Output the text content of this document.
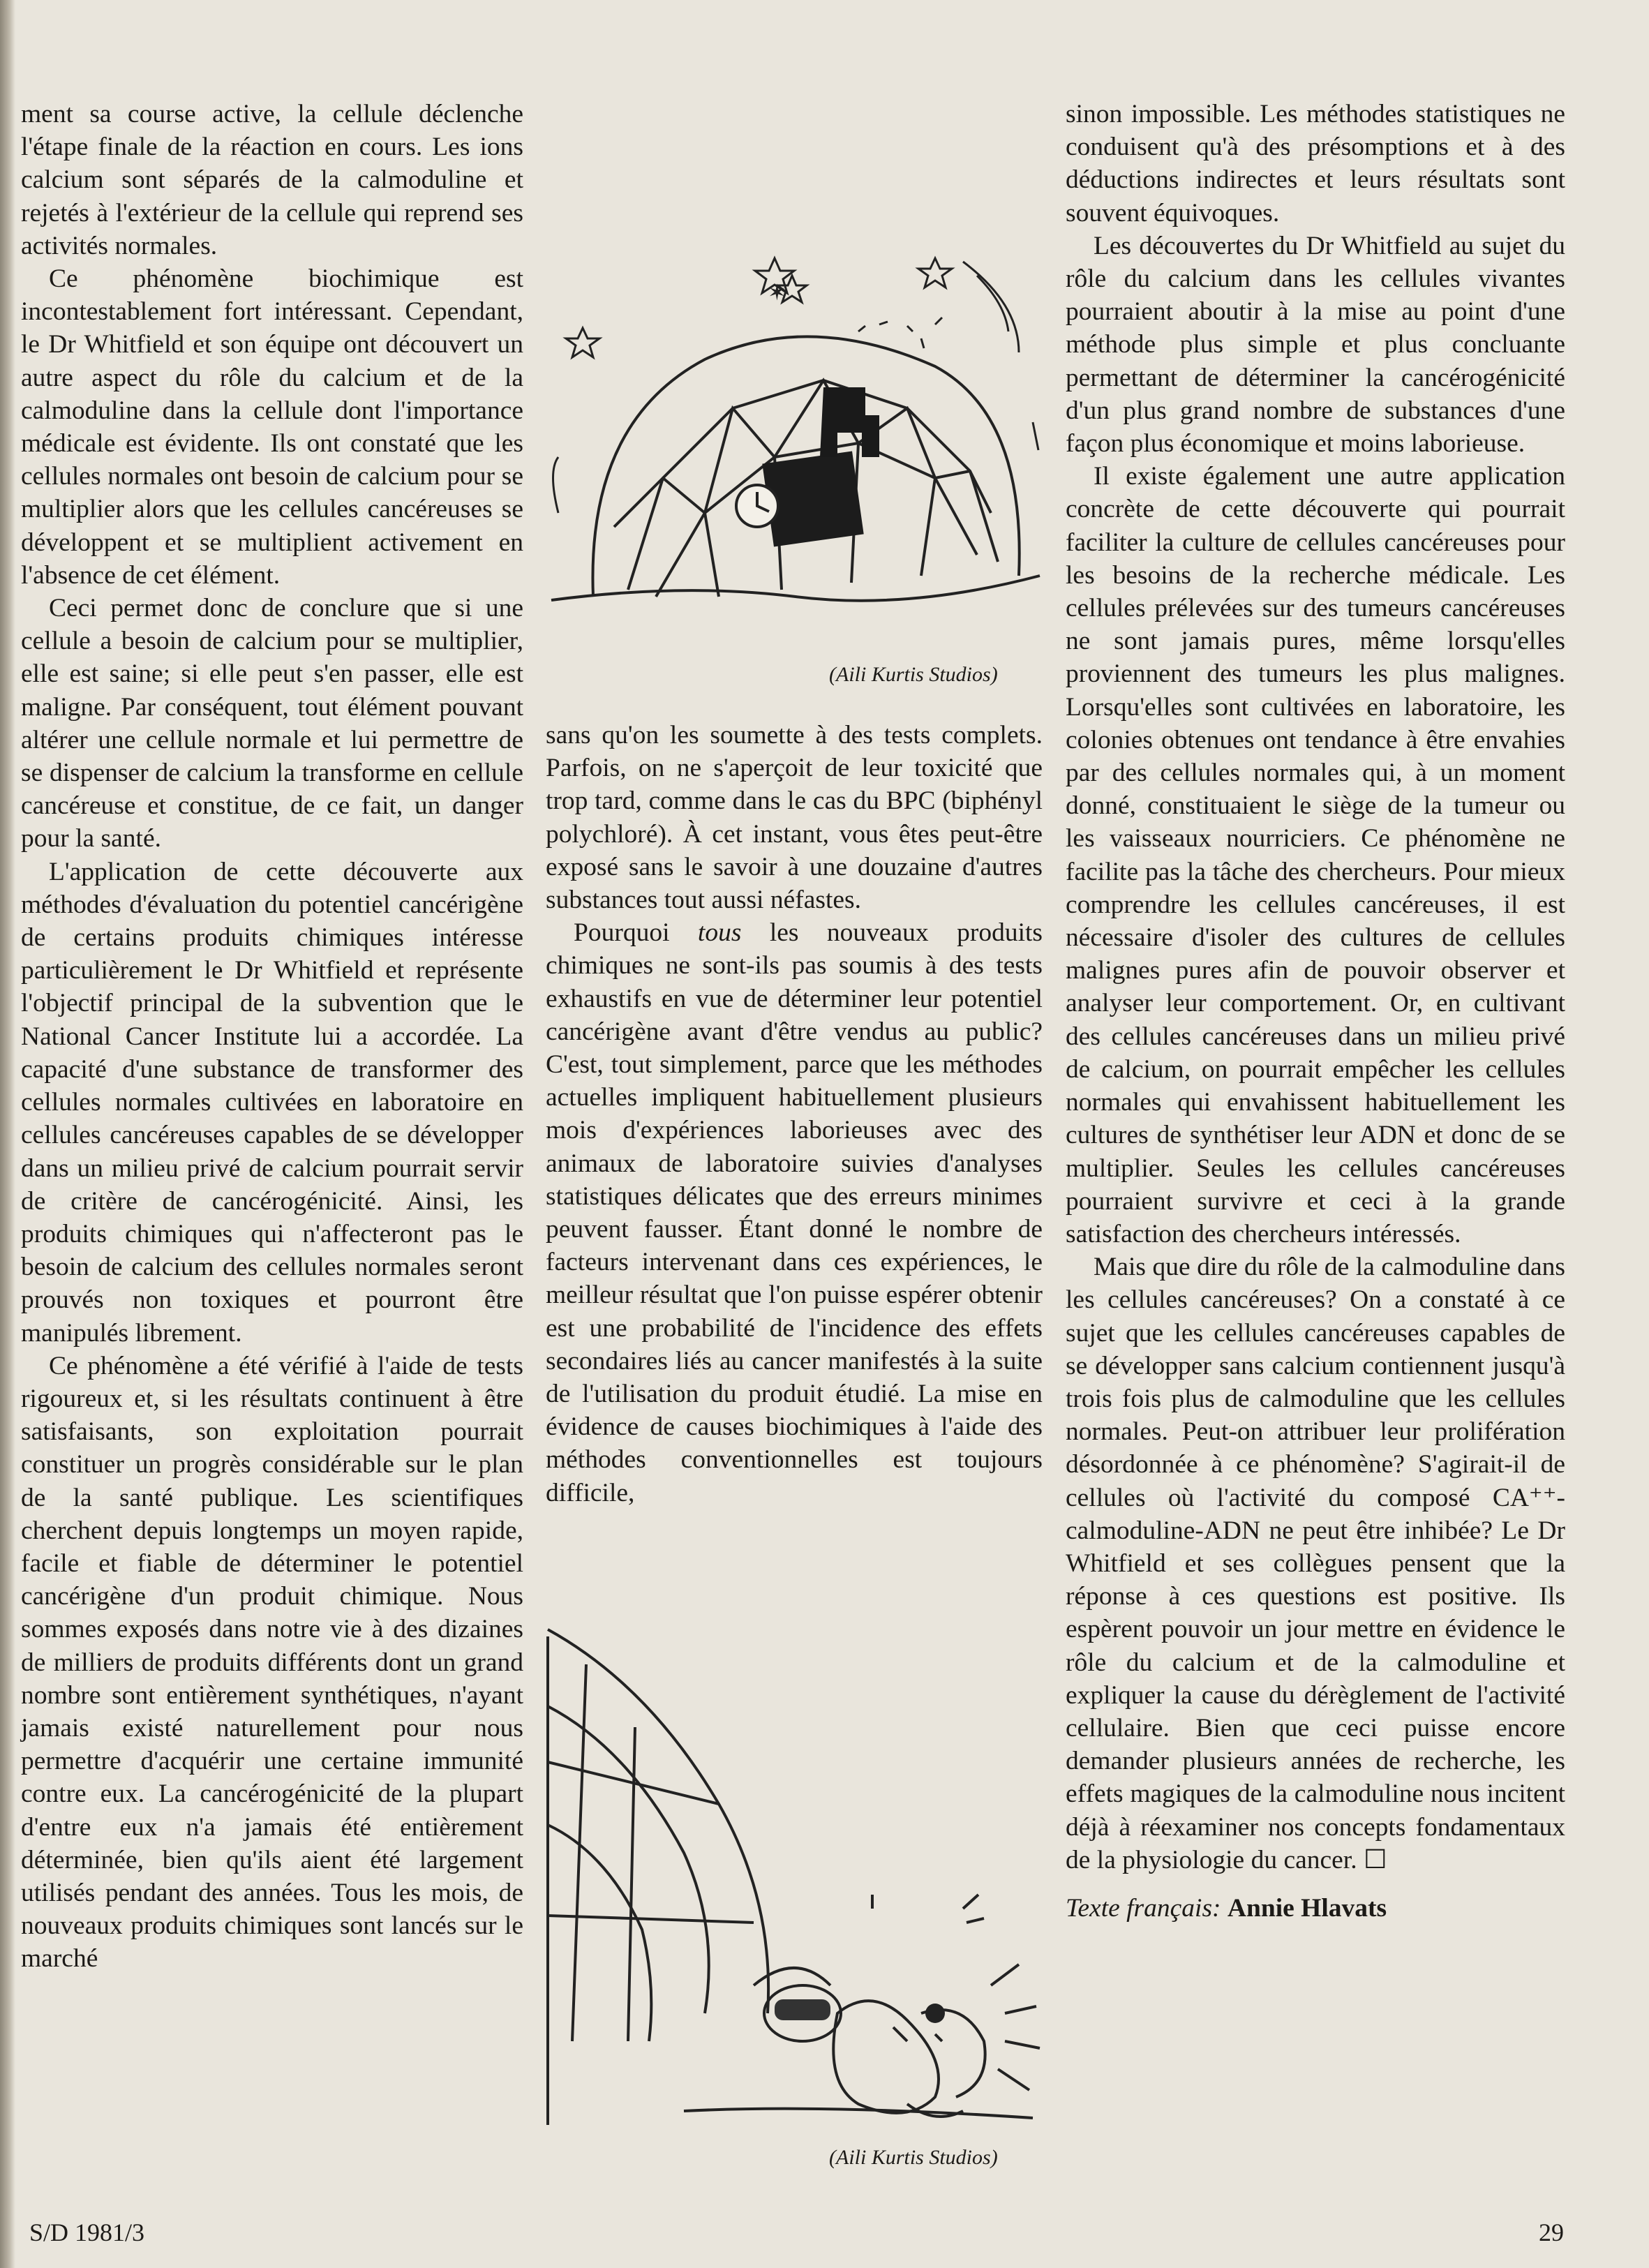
ment sa course active, la cellule déclenche l'étape finale de la réaction en cours. Les ions calcium sont séparés de la calmoduline et rejetés à l'extérieur de la cellule qui reprend ses activités normales.

Ce phénomène biochimique est incontestablement fort intéressant. Cependant, le Dr Whitfield et son équipe ont découvert un autre aspect du rôle du calcium et de la calmoduline dans la cellule dont l'importance médicale est évidente. Ils ont constaté que les cellules normales ont besoin de calcium pour se multiplier alors que les cellules cancéreuses se développent et se multiplient activement en l'absence de cet élément.

Ceci permet donc de conclure que si une cellule a besoin de calcium pour se multiplier, elle est saine; si elle peut s'en passer, elle est maligne. Par conséquent, tout élément pouvant altérer une cellule normale et lui permettre de se dispenser de calcium la transforme en cellule cancéreuse et constitue, de ce fait, un danger pour la santé.

L'application de cette découverte aux méthodes d'évaluation du potentiel cancérigène de certains produits chimiques intéresse particulièrement le Dr Whitfield et représente l'objectif principal de la subvention que le National Cancer Institute lui a accordée. La capacité d'une substance de transformer des cellules normales cultivées en laboratoire en cellules cancéreuses capables de se développer dans un milieu privé de calcium pourrait servir de critère de cancérogénicité. Ainsi, les produits chimiques qui n'affecteront pas le besoin de calcium des cellules normales seront prouvés non toxiques et pourront être manipulés librement.

Ce phénomène a été vérifié à l'aide de tests rigoureux et, si les résultats continuent à être satisfaisants, son exploitation pourrait constituer un progrès considérable sur le plan de la santé publique. Les scientifiques cherchent depuis longtemps un moyen rapide, facile et fiable de déterminer le potentiel cancérigène d'un produit chimique. Nous sommes exposés dans notre vie à des dizaines de milliers de produits différents dont un grand nombre sont entièrement synthétiques, n'ayant jamais existé naturellement pour nous permettre d'acquérir une certaine immunité contre eux. La cancérogénicité de la plupart d'entre eux n'a jamais été entièrement déterminée, bien qu'ils aient été largement utilisés pendant des années. Tous les mois, de nouveaux produits chimiques sont lancés sur le marché

✶
(Aili Kurtis Studios)

sans qu'on les soumette à des tests complets. Parfois, on ne s'aperçoit de leur toxicité que trop tard, comme dans le cas du BPC (biphényl polychloré). À cet instant, vous êtes peut-être exposé sans le savoir à une douzaine d'autres substances tout aussi néfastes.

Pourquoi tous les nouveaux produits chimiques ne sont-ils pas soumis à des tests exhaustifs en vue de déterminer leur potentiel cancérigène avant d'être vendus au public? C'est, tout simplement, parce que les méthodes actuelles impliquent habituellement plusieurs mois d'expériences laborieuses avec des animaux de laboratoire suivies d'analyses statistiques délicates que des erreurs minimes peuvent fausser. Étant donné le nombre de facteurs intervenant dans ces expériences, le meilleur résultat que l'on puisse espérer obtenir est une probabilité de l'incidence des effets secondaires liés au cancer manifestés à la suite de l'utilisation du produit étudié. La mise en évidence de causes biochimiques à l'aide des méthodes conventionnelles est toujours difficile,

(Aili Kurtis Studios)

sinon impossible. Les méthodes statistiques ne conduisent qu'à des présomptions et à des déductions indirectes et leurs résultats sont souvent équivoques.

Les découvertes du Dr Whitfield au sujet du rôle du calcium dans les cellules vivantes pourraient aboutir à la mise au point d'une méthode plus simple et plus concluante permettant de déterminer la cancérogénicité d'un plus grand nombre de substances d'une façon plus économique et moins laborieuse.

Il existe également une autre application concrète de cette découverte qui pourrait faciliter la culture de cellules cancéreuses pour les besoins de la recherche médicale. Les cellules prélevées sur des tumeurs cancéreuses ne sont jamais pures, même lorsqu'elles proviennent des tumeurs les plus malignes. Lorsqu'elles sont cultivées en laboratoire, les colonies obtenues ont tendance à être envahies par des cellules normales qui, à un moment donné, constituaient le siège de la tumeur ou les vaisseaux nourriciers. Ce phénomène ne facilite pas la tâche des chercheurs. Pour mieux comprendre les cellules cancéreuses, il est nécessaire d'isoler des cultures de cellules malignes pures afin de pouvoir observer et analyser leur comportement. Or, en cultivant des cellules cancéreuses dans un milieu privé de calcium, on pourrait empêcher les cellules normales qui envahissent habituellement les cultures de synthétiser leur ADN et donc de se multiplier. Seules les cellules cancéreuses pourraient survivre et ceci à la grande satisfaction des chercheurs intéressés.

Mais que dire du rôle de la calmoduline dans les cellules cancéreuses? On a constaté à ce sujet que les cellules cancéreuses capables de se développer sans calcium contiennent jusqu'à trois fois plus de calmoduline que les cellules normales. Peut-on attribuer leur prolifération désordonnée à ce phénomène? S'agirait-il de cellules où l'activité du composé CA⁺⁺-calmoduline-ADN ne peut être inhibée? Le Dr Whitfield et ses collègues pensent que la réponse à ces questions est positive. Ils espèrent pouvoir un jour mettre en évidence le rôle du calcium et de la calmoduline et expliquer la cause du dérèglement de l'activité cellulaire. Bien que ceci puisse encore demander plusieurs années de recherche, les effets magiques de la calmoduline nous incitent déjà à réexaminer nos concepts fondamentaux de la physiologie du cancer. ☐

Texte français: Annie Hlavats

S/D 1981/3	29
